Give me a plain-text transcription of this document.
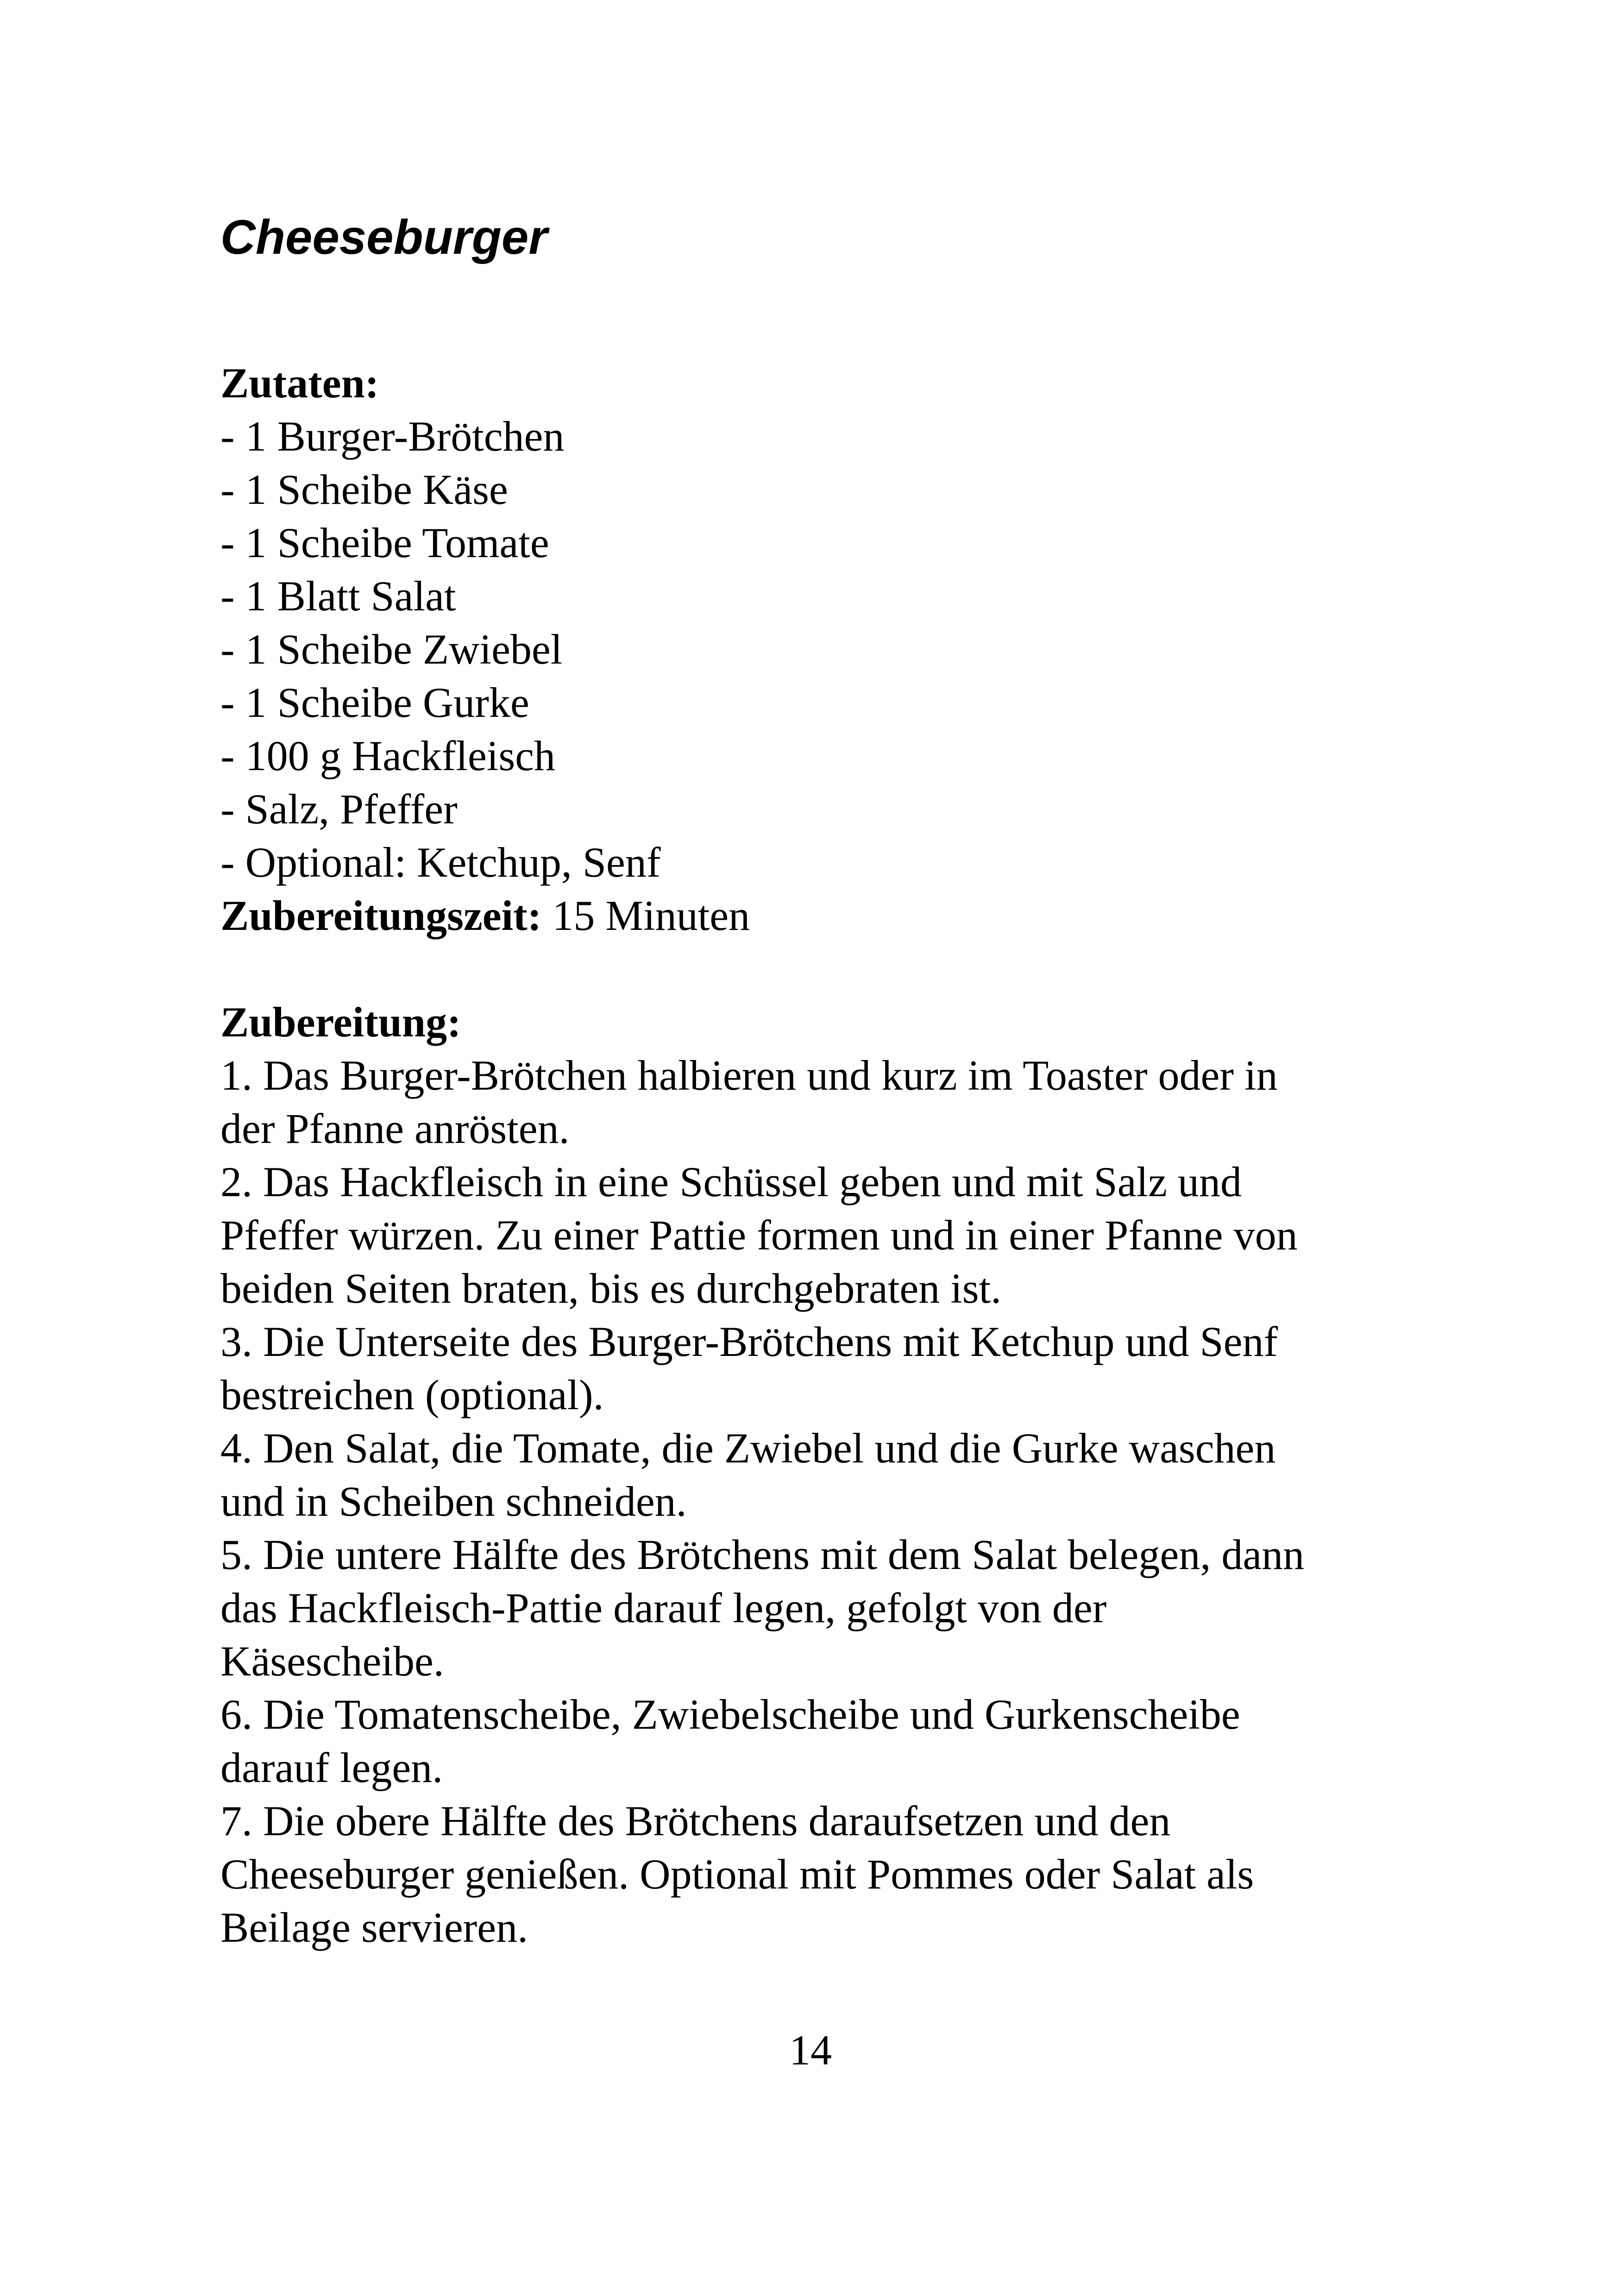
Cheeseburger
Zutaten:
- 1 Burger-Brötchen
- 1 Scheibe Käse
- 1 Scheibe Tomate
- 1 Blatt Salat
- 1 Scheibe Zwiebel
- 1 Scheibe Gurke
- 100 g Hackfleisch
- Salz, Pfeffer
- Optional: Ketchup, Senf
Zubereitungszeit: 15 Minuten
Zubereitung:
1. Das Burger-Brötchen halbieren und kurz im Toaster oder in
der Pfanne anrösten.
2. Das Hackfleisch in eine Schüssel geben und mit Salz und
Pfeffer würzen. Zu einer Pattie formen und in einer Pfanne von
beiden Seiten braten, bis es durchgebraten ist.
3. Die Unterseite des Burger-Brötchens mit Ketchup und Senf
bestreichen (optional).
4. Den Salat, die Tomate, die Zwiebel und die Gurke waschen
und in Scheiben schneiden.
5. Die untere Hälfte des Brötchens mit dem Salat belegen, dann
das Hackfleisch-Pattie darauf legen, gefolgt von der
Käsescheibe.
6. Die Tomatenscheibe, Zwiebelscheibe und Gurkenscheibe
darauf legen.
7. Die obere Hälfte des Brötchens daraufsetzen und den
Cheeseburger genießen. Optional mit Pommes oder Salat als
Beilage servieren.
14
